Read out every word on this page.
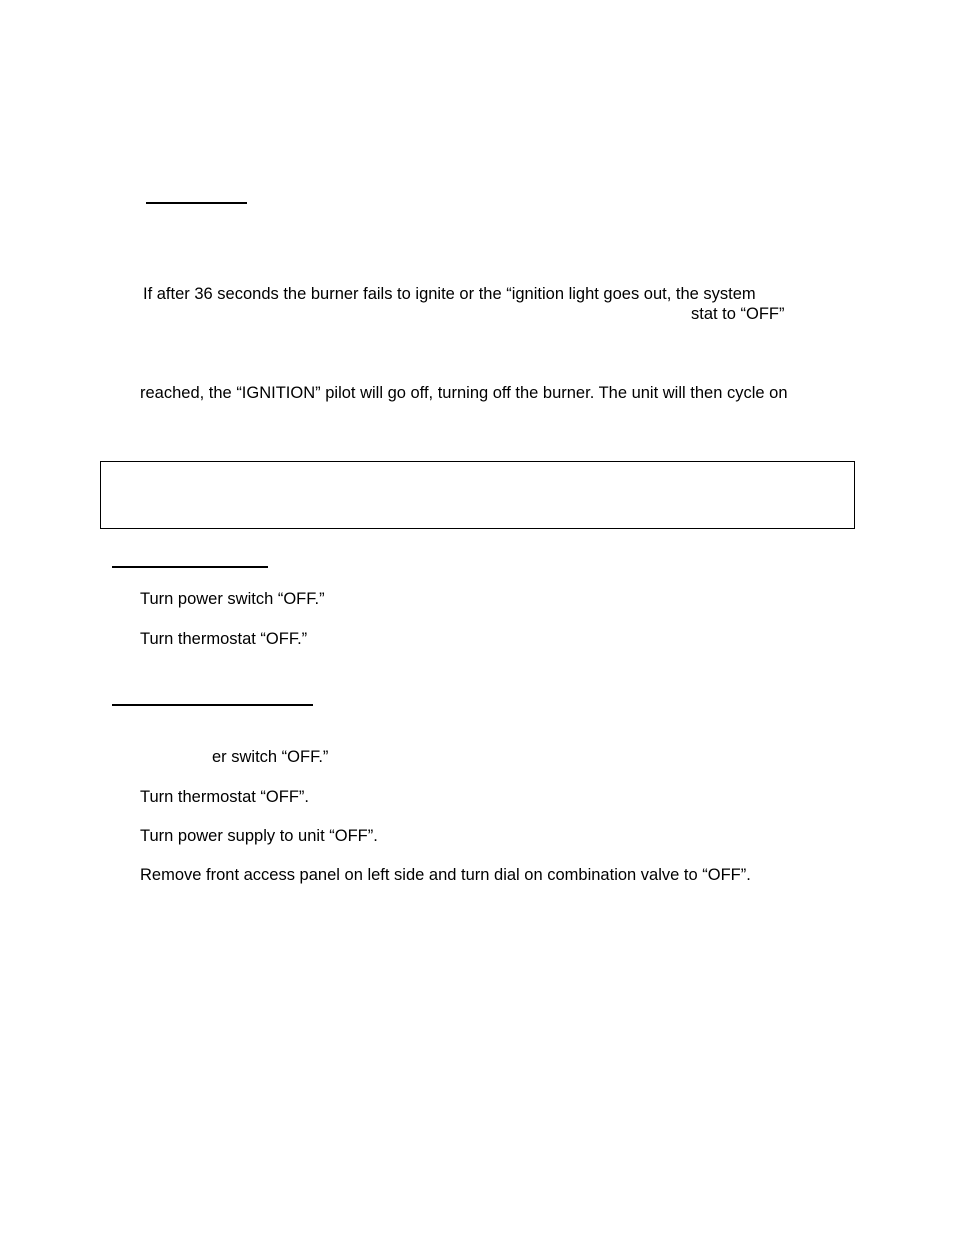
If after 36 seconds the burner fails to ignite or the “ignition light goes out, the system
stat to “OFF”
reached, the “IGNITION” pilot will go off, turning off the burner. The unit will then cycle on
Turn power switch “OFF.”
Turn thermostat “OFF.”
er switch “OFF.”
Turn thermostat “OFF”.
Turn power supply to unit “OFF”.
Remove front access panel on left side and turn dial on combination valve to “OFF”.
